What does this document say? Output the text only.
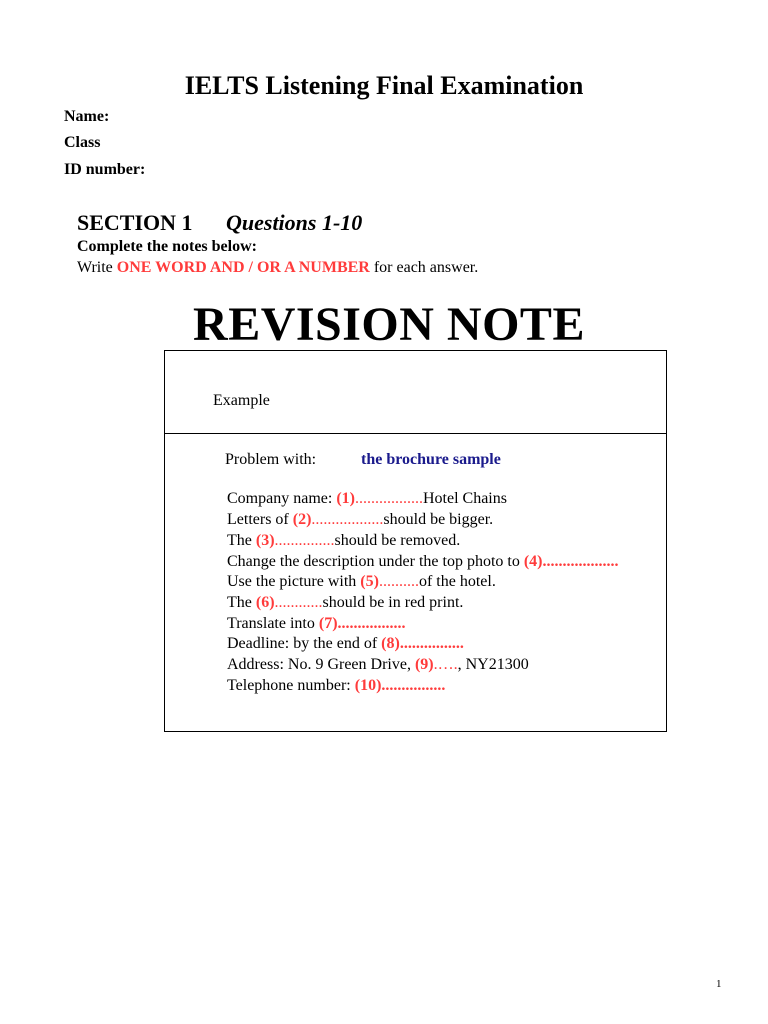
IELTS Listening Final Examination
Name:
Class
ID number:
SECTION 1 Questions 1-10
Complete the notes below:
Write ONE WORD AND / OR A NUMBER for each answer.
REVISION NOTE
Example
Problem with:	the brochure sample
Company name: (1).................Hotel Chains
Letters of (2)..................should be bigger.
The (3)...............should be removed.
Change the description under the top photo to (4)...................
Use the picture with (5)..........of the hotel.
The (6)............should be in red print.
Translate into (7).................
Deadline: by the end of (8)................
Address: No. 9 Green Drive, (9).…., NY21300
Telephone number: (10)................
1
